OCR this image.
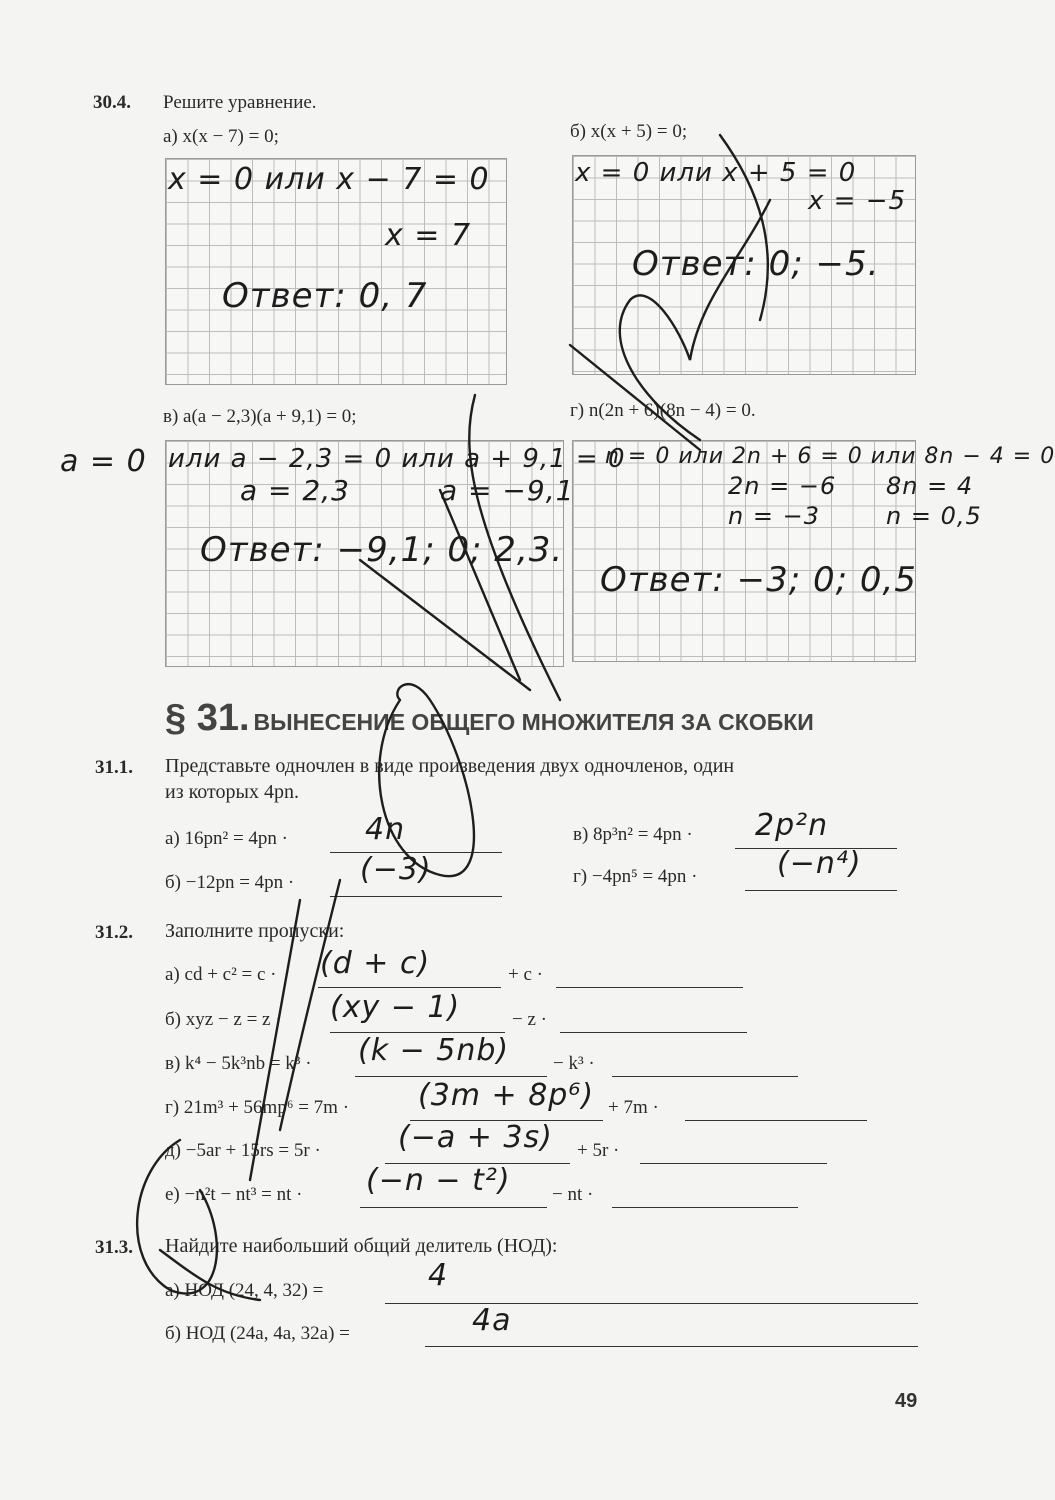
30.4. Решите уравнение.
а) x(x − 7) = 0;	б) x(x + 5) = 0;
x = 0 или x − 7 = 0
x = 7
Ответ: 0, 7
x = 0 или x + 5 = 0
x = −5
Ответ: 0; −5.
в) a(a − 2,3)(a + 9,1) = 0;	г) n(2n + 6)(8n − 4) = 0.
a = 0 или a − 2,3 = 0 или a + 9,1 = 0
a = 2,3	a = −9,1
Ответ: −9,1; 0; 2,3.
n = 0 или 2n + 6 = 0 или 8n − 4 = 0
2n = −6 8n = 4
n = −3	n = 0,5
Ответ: −3; 0; 0,5
§ 31. ВЫНЕСЕНИЕ ОБЩЕГО МНОЖИТЕЛЯ ЗА СКОБКИ
31.1. Представьте одночлен в виде произведения двух одночленов, один
из которых 4pn.
а) 16pn² = 4pn ·	4n
б) −12pn = 4pn · (−3)
в) 8p³n² = 4pn · 2p²n
г) −4pn⁵ = 4pn ·	(−n⁴)
31.2. Заполните пропуски:
а) cd + c² = c · (d + c)	+ c ·
б) xyz − z = z · (xy − 1)	− z ·
в) k⁴ − 5k³nb = k³ · (k − 5nb) − k³ ·
г) 21m³ + 56mp⁶ = 7m · (3m + 8p⁶) + 7m ·
д) −5ar + 15rs = 5r ·	(−a + 3s) + 5r ·
е) −n²t − nt³ = nt · (−n − t²) − nt ·
31.3. Найдите наибольший общий делитель (НОД):
а) НОД (24, 4, 32) =	4
б) НОД (24a, 4a, 32a) =	4a
49
